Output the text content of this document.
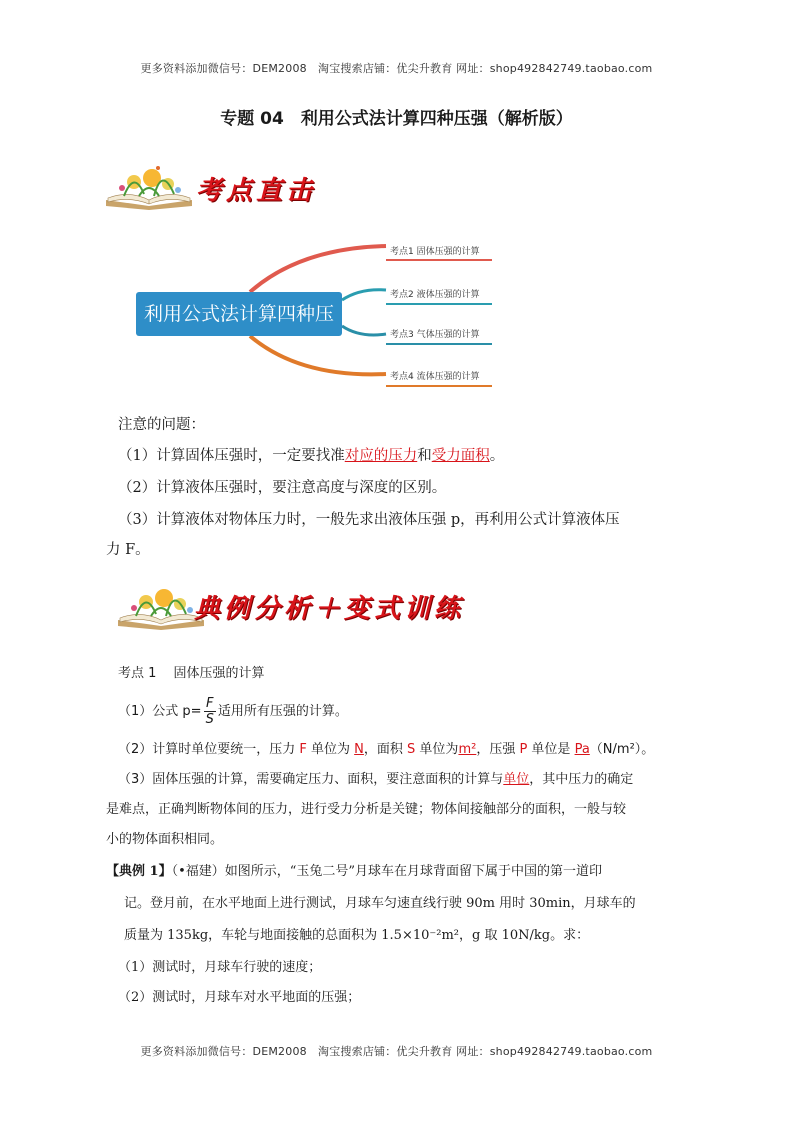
更多资料添加微信号：DEM2008　淘宝搜索店铺：优尖升教育 网址：shop492842749.taobao.com
专题 04　利用公式法计算四种压强（解析版）
考点直击
利用公式法计算四种压强
考点1 固体压强的计算
考点2 液体压强的计算
考点3 气体压强的计算
考点4 流体压强的计算
注意的问题：
（1）计算固体压强时，一定要找准对应的压力和受力面积。
（2）计算液体压强时，要注意高度与深度的区别。
（3）计算液体对物体压力时，一般先求出液体压强 p，再利用公式计算液体压
力 F。
典例分析＋变式训练
考点 1　 固体压强的计算
（1）公式 $p= \frac{F}{S}$ 适用所有压强的计算。
（2）计算时单位要统一，压力 F 单位为 N，面积 S 单位为m²，压强 P 单位是 Pa（N/m²）。
（3）固体压强的计算，需要确定压力、面积，要注意面积的计算与单位，其中压力的确定
是难点，正确判断物体间的压力，进行受力分析是关键；物体间接触部分的面积，一般与较
小的物体面积相同。
【典例 1】（•福建）如图所示，“玉兔二号”月球车在月球背面留下属于中国的第一道印
记。登月前，在水平地面上进行测试，月球车匀速直线行驶 90m 用时 30min，月球车的
质量为 135kg，车轮与地面接触的总面积为 1.5×10⁻²m²，g 取 10N/kg。求：
（1）测试时，月球车行驶的速度；
（2）测试时，月球车对水平地面的压强；
更多资料添加微信号：DEM2008　淘宝搜索店铺：优尖升教育 网址：shop492842749.taobao.com
